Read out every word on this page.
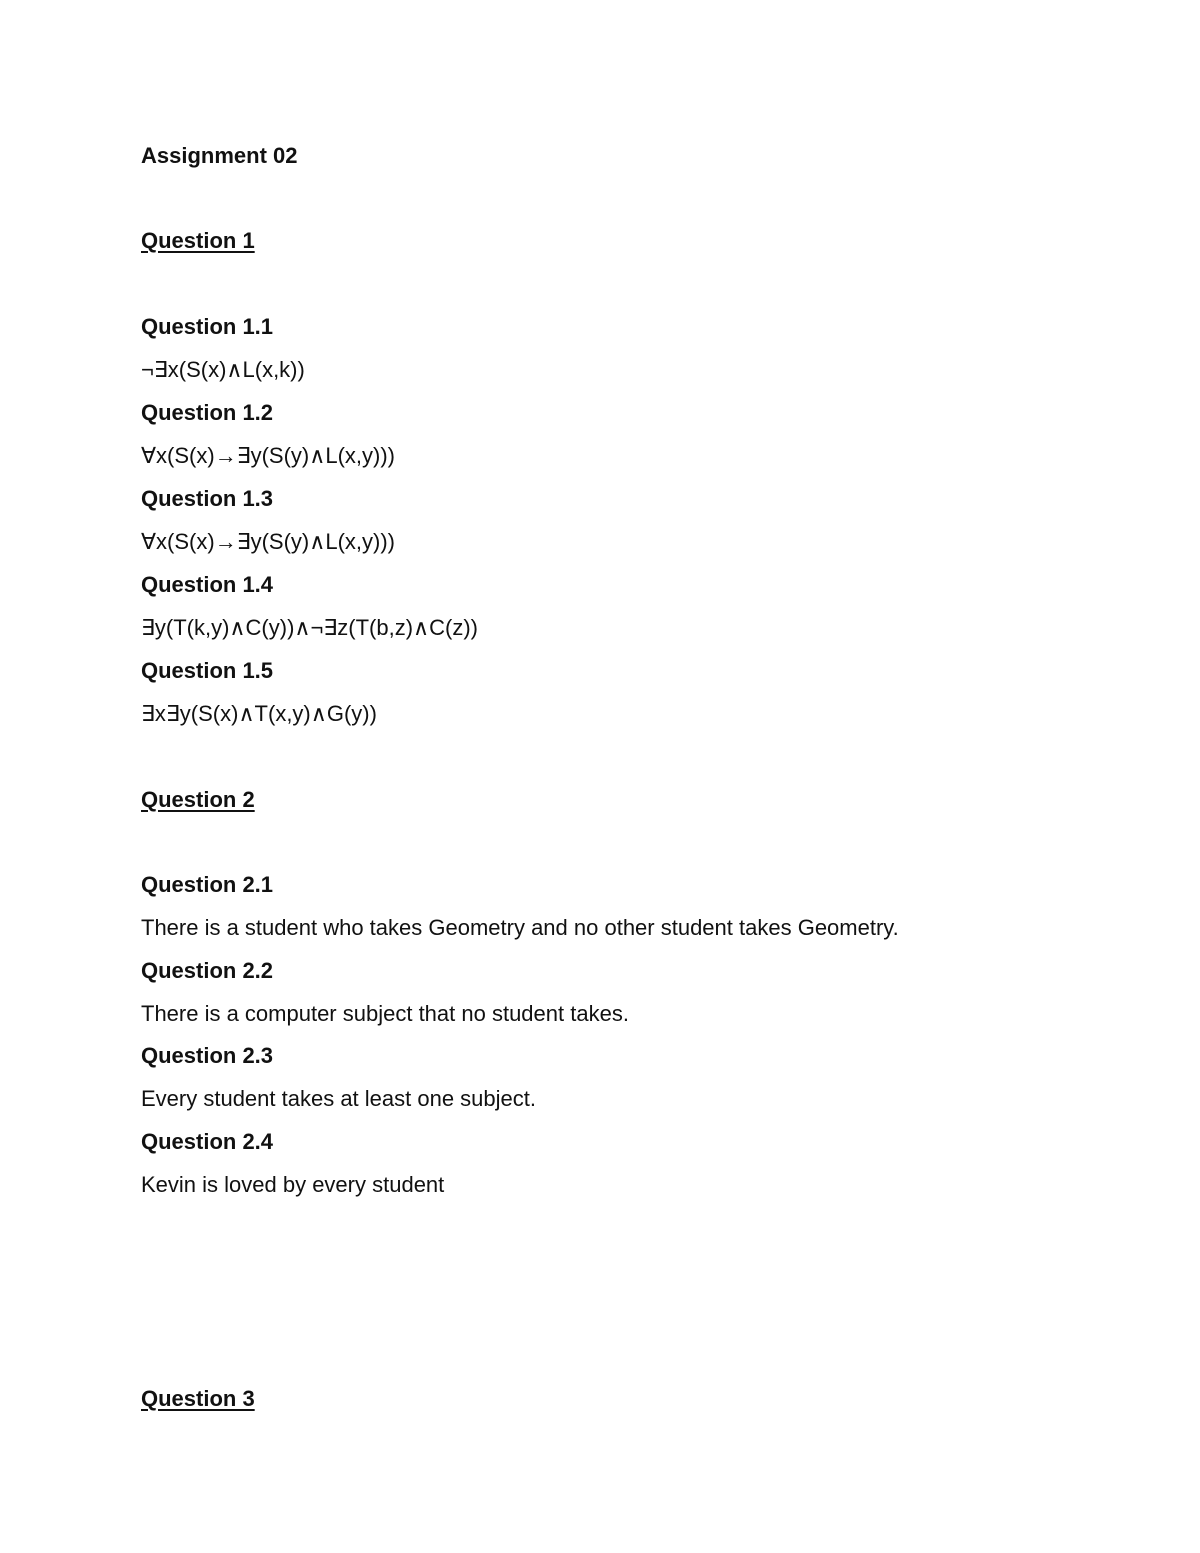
Assignment 02
Question 1
Question 1.1
¬∃x(S(x)∧L(x,k))
Question 1.2
∀x(S(x)→∃y(S(y)∧L(x,y)))
Question 1.3
∀x(S(x)→∃y(S(y)∧L(x,y)))
Question 1.4
∃y(T(k,y)∧C(y))∧¬∃z(T(b,z)∧C(z))
Question 1.5
∃x∃y(S(x)∧T(x,y)∧G(y))
Question 2
Question 2.1
There is a student who takes Geometry and no other student takes Geometry.
Question 2.2
There is a computer subject that no student takes.
Question 2.3
Every student takes at least one subject.
Question 2.4
Kevin is loved by every student
Question 3
